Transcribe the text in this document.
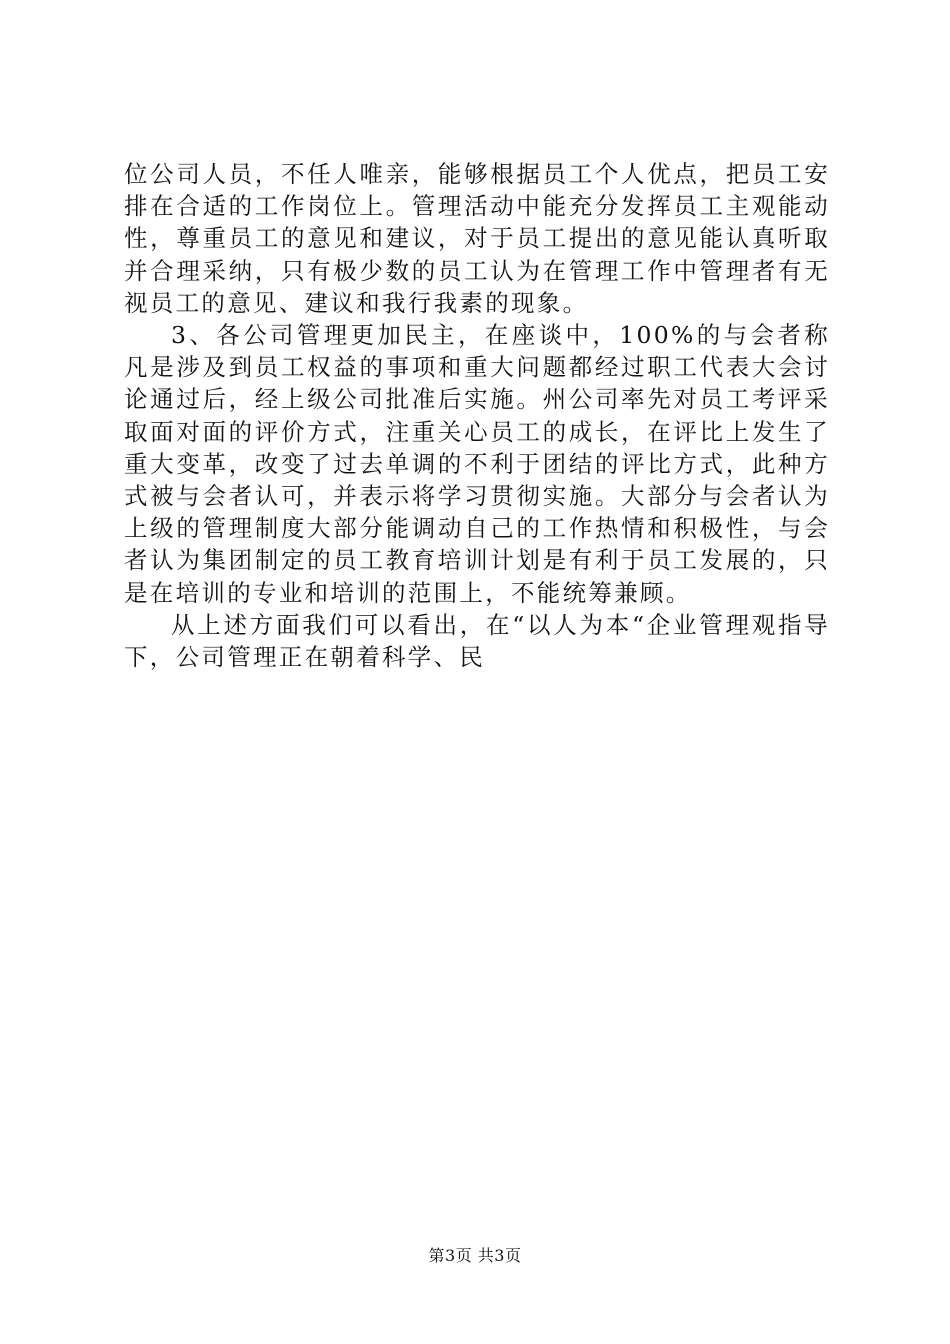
位公司人员，不任人唯亲，能够根据员工个人优点，把员工安排在合适的工作岗位上。管理活动中能充分发挥员工主观能动性，尊重员工的意见和建议，对于员工提出的意见能认真听取并合理采纳，只有极少数的员工认为在管理工作中管理者有无视员工的意见、建议和我行我素的现象。

3、各公司管理更加民主，在座谈中，100%的与会者称凡是涉及到员工权益的事项和重大问题都经过职工代表大会讨论通过后，经上级公司批准后实施。州公司率先对员工考评采取面对面的评价方式，注重关心员工的成长，在评比上发生了重大变革，改变了过去单调的不利于团结的评比方式，此种方式被与会者认可，并表示将学习贯彻实施。大部分与会者认为上级的管理制度大部分能调动自己的工作热情和积极性，与会者认为集团制定的员工教育培训计划是有利于员工发展的，只是在培训的专业和培训的范围上，不能统筹兼顾。

从上述方面我们可以看出，在“以人为本“企业管理观指导下，公司管理正在朝着科学、民

第3页 共3页
